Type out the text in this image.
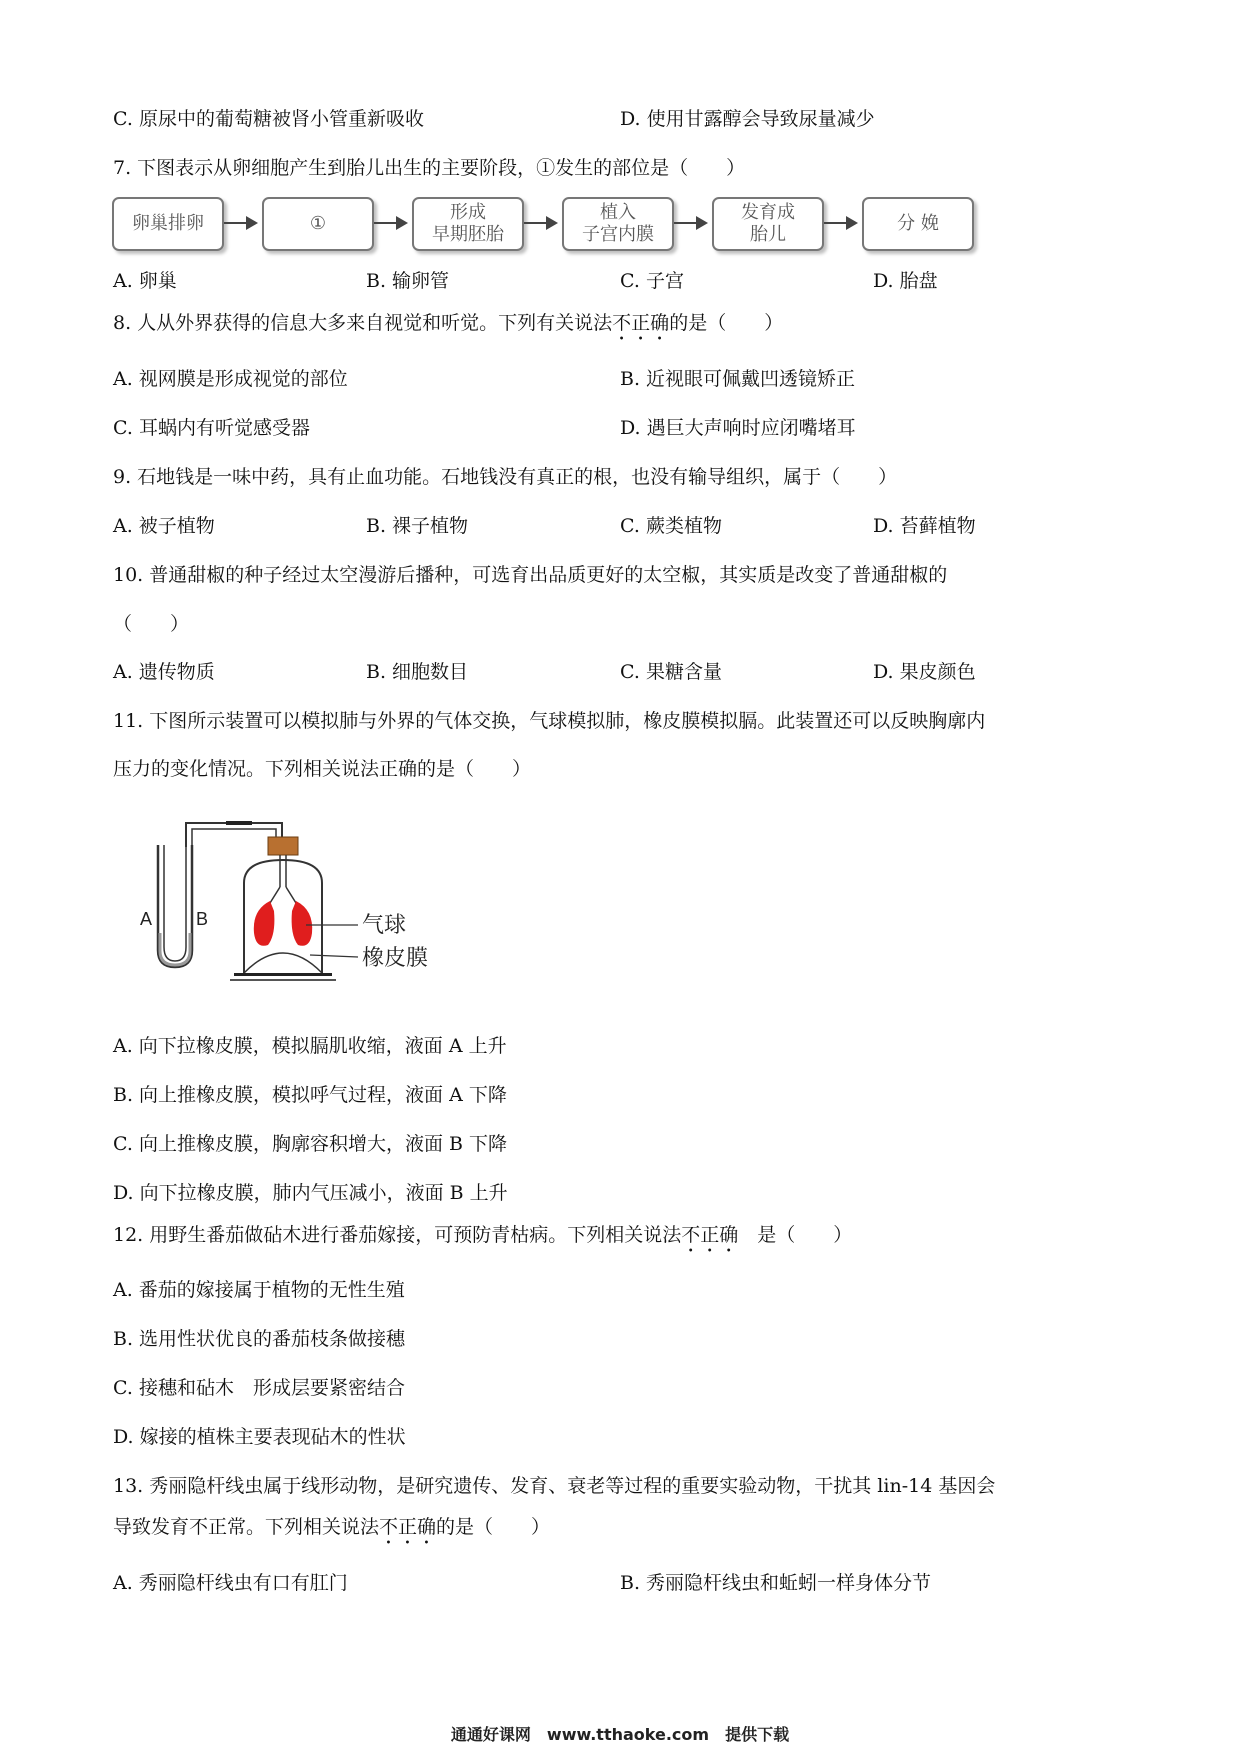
C. 原尿中的葡萄糖被肾小管重新吸收	D. 使用甘露醇会导致尿量减少
7. 下图表示从卵细胞产生到胎儿出生的主要阶段，①发生的部位是（　　）
卵巢排卵	①
形成
早期胚胎
植入
子宫内膜
发育成
胎儿
分 娩
A. 卵巢	B. 输卵管	C. 子宫	D. 胎盘
8. 人从外界获得的信息大多来自视觉和听觉。下列有关说法不正确的是（　　）
A. 视网膜是形成视觉的部位	B. 近视眼可佩戴凹透镜矫正
C. 耳蜗内有听觉感受器	D. 遇巨大声响时应闭嘴堵耳
9. 石地钱是一味中药，具有止血功能。石地钱没有真正的根，也没有输导组织，属于（　　）
A. 被子植物	B. 裸子植物	C. 蕨类植物	D. 苔藓植物
10. 普通甜椒的种子经过太空漫游后播种，可选育出品质更好的太空椒，其实质是改变了普通甜椒的
（　　）
A. 遗传物质	B. 细胞数目	C. 果糖含量	D. 果皮颜色
11. 下图所示装置可以模拟肺与外界的气体交换，气球模拟肺，橡皮膜模拟膈。此装置还可以反映胸廓内
压力的变化情况。下列相关说法正确的是（　　）
A B	气球
橡皮膜
A. 向下拉橡皮膜，模拟膈肌收缩，液面 A 上升
B. 向上推橡皮膜，模拟呼气过程，液面 A 下降
C. 向上推橡皮膜，胸廓容积增大，液面 B 下降
D. 向下拉橡皮膜，肺内气压减小，液面 B 上升
12. 用野生番茄做砧木进行番茄嫁接，可预防青枯病。下列相关说法不正确　是（　　）
A. 番茄的嫁接属于植物的无性生殖
B. 选用性状优良的番茄枝条做接穗
C. 接穗和砧木　形成层要紧密结合
D. 嫁接的植株主要表现砧木的性状
13. 秀丽隐杆线虫属于线形动物，是研究遗传、发育、衰老等过程的重要实验动物，干扰其 lin-14 基因会
导致发育不正常。下列相关说法不正确的是（　　）
A. 秀丽隐杆线虫有口有肛门	B. 秀丽隐杆线虫和蚯蚓一样身体分节
通通好课网　www.tthaoke.com　提供下载
